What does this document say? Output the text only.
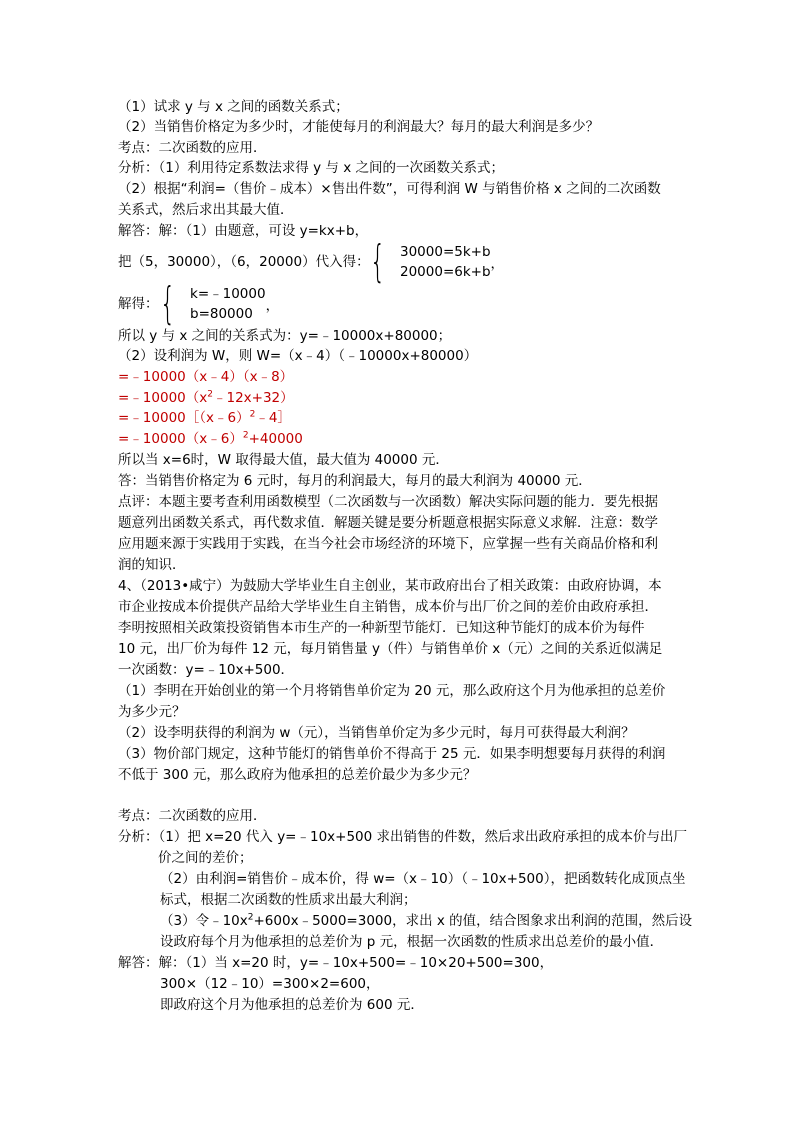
（1）试求 y 与 x 之间的函数关系式；
（2）当销售价格定为多少时，才能使每月的利润最大？每月的最大利润是多少？
考点：二次函数的应用．
分析：（1）利用待定系数法求得 y 与 x 之间的一次函数关系式；
（2）根据“利润=（售价﹣成本）×售出件数”，可得利润 W 与销售价格 x 之间的二次函数
关系式，然后求出其最大值．
解答：解：（1）由题意，可设 y=kx+b，
把（5，30000），（6，20000）代入得： { 30000=5k+b
20000=6k+b ，
解得： { k=﹣10000
b=80000 ，
所以 y 与 x 之间的关系式为：y=﹣10000x+80000；
（2）设利润为 W，则 W=（x﹣4）（﹣10000x+80000）
=﹣10000（x﹣4）（x﹣8）
$=﹣10000(x^2﹣12x+32)$
=﹣10000［（x﹣6）$^2$﹣4］
=﹣10000（x﹣6）$^2$+40000
所以当 x=6时，W 取得最大值，最大值为 40000 元．
答：当销售价格定为 6 元时，每月的利润最大，每月的最大利润为 40000 元．
点评：本题主要考查利用函数模型（二次函数与一次函数）解决实际问题的能力．要先根据
题意列出函数关系式，再代数求值．解题关键是要分析题意根据实际意义求解．注意：数学
应用题来源于实践用于实践，在当今社会市场经济的环境下，应掌握一些有关商品价格和利
润的知识．
4、（2013•咸宁）为鼓励大学毕业生自主创业，某市政府出台了相关政策：由政府协调，本
市企业按成本价提供产品给大学毕业生自主销售，成本价与出厂价之间的差价由政府承担．
李明按照相关政策投资销售本市生产的一种新型节能灯．已知这种节能灯的成本价为每件
10 元，出厂价为每件 12 元，每月销售量 y（件）与销售单价 x（元）之间的关系近似满足
一次函数：y=﹣10x+500．
（1）李明在开始创业的第一个月将销售单价定为 20 元，那么政府这个月为他承担的总差价
为多少元？
（2）设李明获得的利润为 w（元），当销售单价定为多少元时，每月可获得最大利润？
（3）物价部门规定，这种节能灯的销售单价不得高于 25 元．如果李明想要每月获得的利润
不低于 300 元，那么政府为他承担的总差价最少为多少元？
考点：二次函数的应用．
分析：（1）把 x=20 代入 y=﹣10x+500 求出销售的件数，然后求出政府承担的成本价与出厂
价之间的差价；
（2）由利润=销售价﹣成本价，得 w=（x﹣10）（﹣10x+500），把函数转化成顶点坐
标式，根据二次函数的性质求出最大利润；
（3）令$﹣10x^2+600x﹣5000=3000$，求出 x 的值，结合图象求出利润的范围，然后设
设政府每个月为他承担的总差价为 p 元，根据一次函数的性质求出总差价的最小值．
解答：解：（1）当 x=20 时，y=﹣10x+500=﹣10×20+500=300，
300×（12﹣10）=300×2=600，
即政府这个月为他承担的总差价为 600 元．
